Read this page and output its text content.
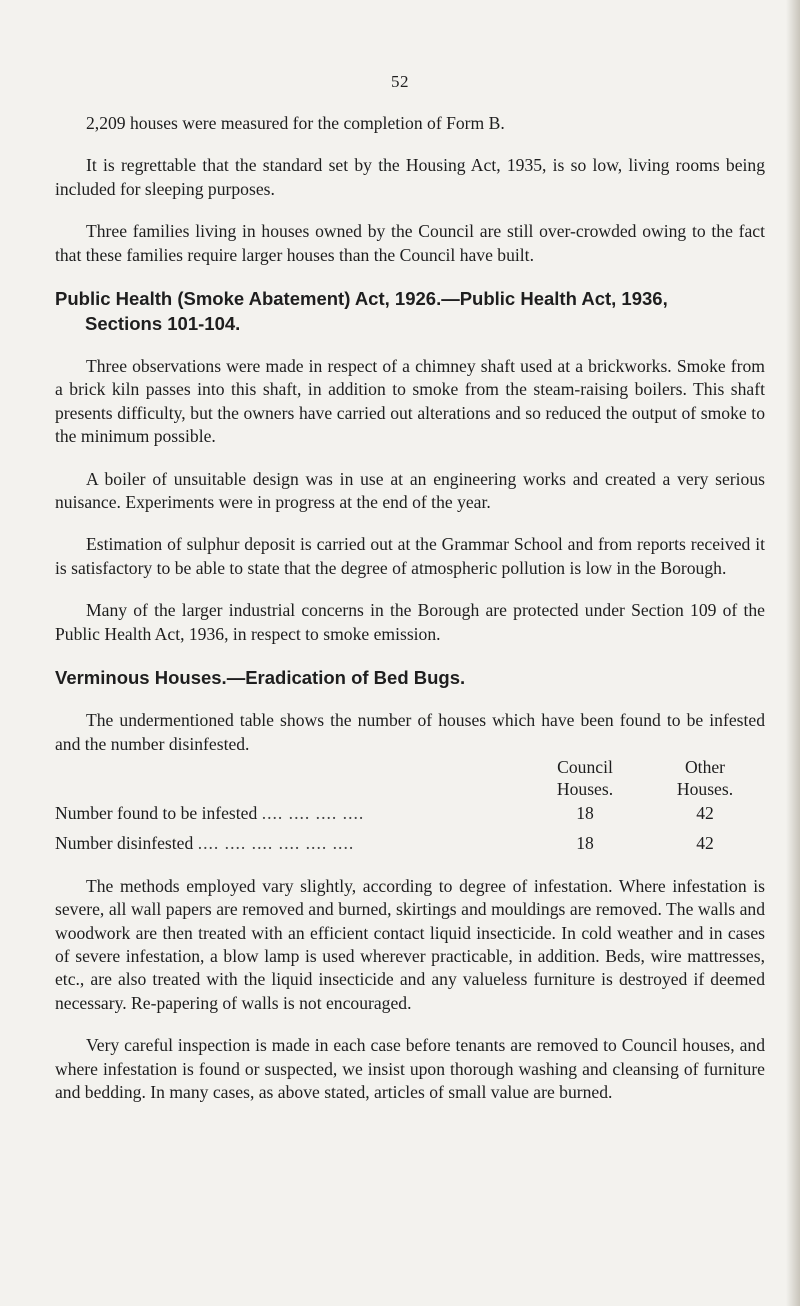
52

2,209 houses were measured for the completion of Form B.

It is regrettable that the standard set by the Housing Act, 1935, is so low, living rooms being included for sleeping purposes.

Three families living in houses owned by the Council are still over-crowded owing to the fact that these families require larger houses than the Council have built.

Public Health (Smoke Abatement) Act, 1926.—Public Health Act, 1936,
Sections 101-104.

Three observations were made in respect of a chimney shaft used at a brickworks. Smoke from a brick kiln passes into this shaft, in addition to smoke from the steam-raising boilers. This shaft presents difficulty, but the owners have carried out alterations and so reduced the output of smoke to the minimum possible.

A boiler of unsuitable design was in use at an engineering works and created a very serious nuisance. Experiments were in progress at the end of the year.

Estimation of sulphur deposit is carried out at the Grammar School and from reports received it is satisfactory to be able to state that the degree of atmospheric pollution is low in the Borough.

Many of the larger industrial concerns in the Borough are protected under Section 109 of the Public Health Act, 1936, in respect to smoke emission.

Verminous Houses.—Eradication of Bed Bugs.

The undermentioned table shows the number of houses which have been found to be infested and the number disinfested.

	Council	Other
	Houses.	Houses.
Number found to be infested .... .... .... ....	18	42
Number disinfested .... .... .... .... .... ....	18	42

The methods employed vary slightly, according to degree of infestation. Where infestation is severe, all wall papers are removed and burned, skirtings and mouldings are removed. The walls and woodwork are then treated with an efficient contact liquid insecticide. In cold weather and in cases of severe infestation, a blow lamp is used wherever practicable, in addition. Beds, wire mattresses, etc., are also treated with the liquid insecticide and any valueless furniture is destroyed if deemed necessary. Re-papering of walls is not encouraged.

Very careful inspection is made in each case before tenants are removed to Council houses, and where infestation is found or suspected, we insist upon thorough washing and cleansing of furniture and bedding. In many cases, as above stated, articles of small value are burned.
